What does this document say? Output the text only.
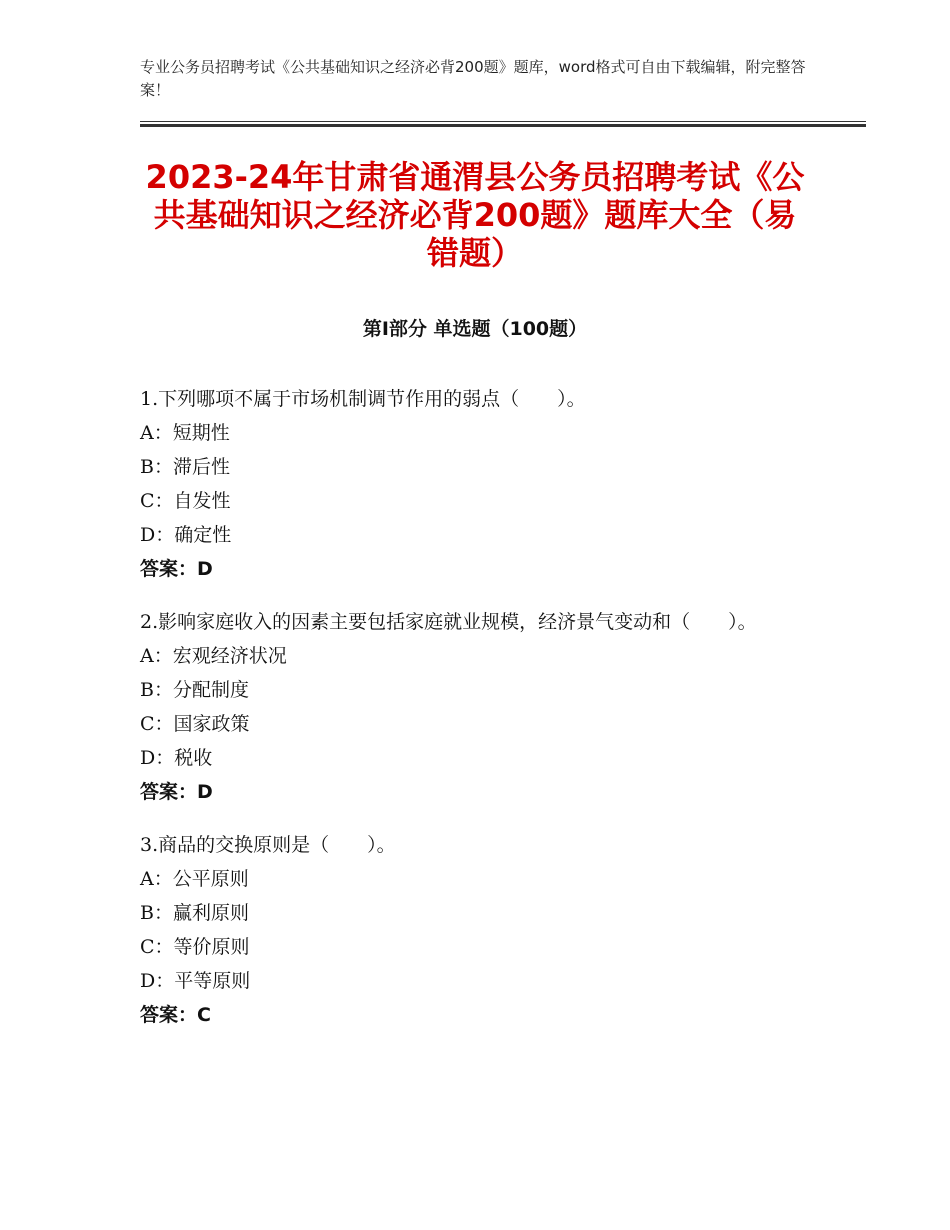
专业公务员招聘考试《公共基础知识之经济必背200题》题库，word格式可自由下载编辑，附完整答案！
2023-24年甘肃省通渭县公务员招聘考试《公共基础知识之经济必背200题》题库大全（易错题）
第Ⅰ部分 单选题（100题）
1.下列哪项不属于市场机制调节作用的弱点（　　）。
A：短期性
B：滞后性
C：自发性
D：确定性
答案：D
2.影响家庭收入的因素主要包括家庭就业规模，经济景气变动和（　　）。
A：宏观经济状况
B：分配制度
C：国家政策
D：税收
答案：D
3.商品的交换原则是（　　）。
A：公平原则
B：赢利原则
C：等价原则
D：平等原则
答案：C
